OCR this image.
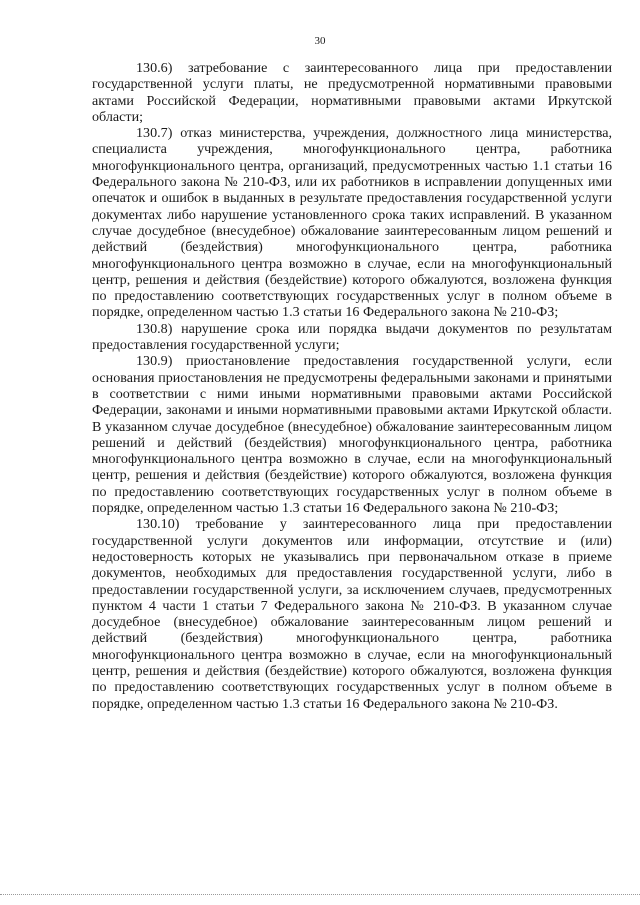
30

130.6) затребование с заинтересованного лица при предоставлении государственной услуги платы, не предусмотренной нормативными правовыми актами Российской Федерации, нормативными правовыми актами Иркутской области;

130.7) отказ министерства, учреждения, должностного лица министерства, специалиста учреждения, многофункционального центра, работника многофункционального центра, организаций, предусмотренных частью 1.1 статьи 16 Федерального закона № 210-ФЗ, или их работников в исправлении допущенных ими опечаток и ошибок в выданных в результате предоставления государственной услуги документах либо нарушение установленного срока таких исправлений. В указанном случае досудебное (внесудебное) обжалование заинтересованным лицом решений и действий (бездействия) многофункционального центра, работника многофункционального центра возможно в случае, если на многофункциональный центр, решения и действия (бездействие) которого обжалуются, возложена функция по предоставлению соответствующих государственных услуг в полном объеме в порядке, определенном частью 1.3 статьи 16 Федерального закона № 210-ФЗ;

130.8) нарушение срока или порядка выдачи документов по результатам предоставления государственной услуги;

130.9) приостановление предоставления государственной услуги, если основания приостановления не предусмотрены федеральными законами и принятыми в соответствии с ними иными нормативными правовыми актами Российской Федерации, законами и иными нормативными правовыми актами Иркутской области. В указанном случае досудебное (внесудебное) обжалование заинтересованным лицом решений и действий (бездействия) многофункционального центра, работника многофункционального центра возможно в случае, если на многофункциональный центр, решения и действия (бездействие) которого обжалуются, возложена функция по предоставлению соответствующих государственных услуг в полном объеме в порядке, определенном частью 1.3 статьи 16 Федерального закона № 210-ФЗ;

130.10) требование у заинтересованного лица при предоставлении государственной услуги документов или информации, отсутствие и (или) недостоверность которых не указывались при первоначальном отказе в приеме документов, необходимых для предоставления государственной услуги, либо в предоставлении государственной услуги, за исключением случаев, предусмотренных пунктом 4 части 1 статьи 7 Федерального закона № 210-ФЗ. В указанном случае досудебное (внесудебное) обжалование заинтересованным лицом решений и действий (бездействия) многофункционального центра, работника многофункционального центра возможно в случае, если на многофункциональный центр, решения и действия (бездействие) которого обжалуются, возложена функция по предоставлению соответствующих государственных услуг в полном объеме в порядке, определенном частью 1.3 статьи 16 Федерального закона № 210-ФЗ.
